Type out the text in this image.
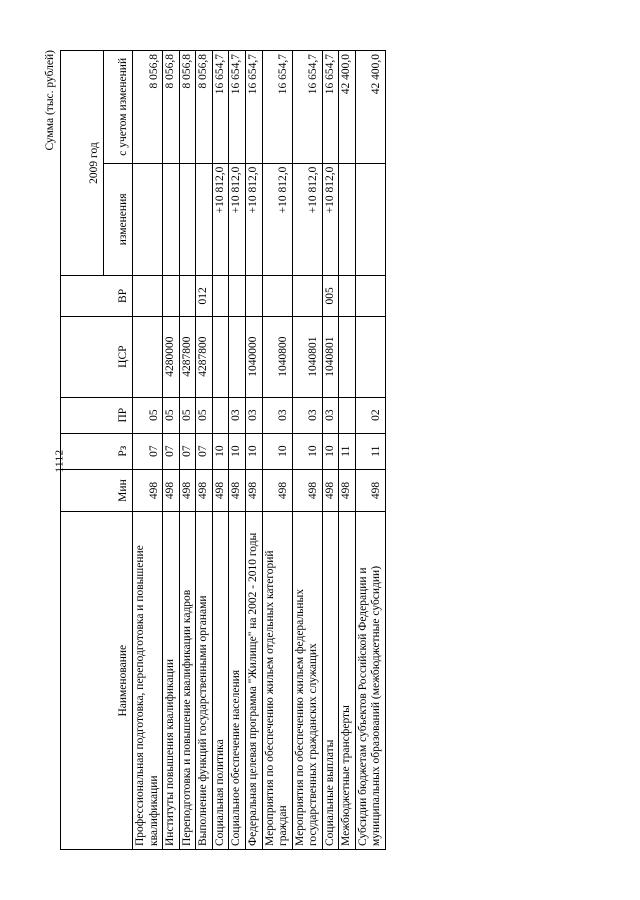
1112
Сумма (тыс. рублей)
Наименование	Мин	Рз	ПР	ЦСР	ВР	2009 год	
						изменения	с учетом изменений
Профессиональная подготовка, переподготовка и повышение квалификации	498	07	05				8 056,8
Институты повышения квалификации	498	07	05	4280000			8 056,8
Переподготовка и повышение квалификации кадров	498	07	05	4287800			8 056,8
Выполнение функций государственными органами	498	07	05	4287800	012		8 056,8
Социальная политика	498	10				+10 812,0	16 654,7
Социальное обеспечение населения	498	10	03			+10 812,0	16 654,7
Федеральная целевая программа "Жилище" на 2002 - 2010 годы	498	10	03	1040000		+10 812,0	16 654,7
Мероприятия по обеспечению жильем отдельных категорий граждан	498	10	03	1040800		+10 812,0	16 654,7
Мероприятия по обеспечению жильем федеральных государственных гражданских служащих	498	10	03	1040801		+10 812,0	16 654,7
Социальные выплаты	498	10	03	1040801	005	+10 812,0	16 654,7
Межбюджетные трансферты	498	11					42 400,0
Субсидии бюджетам субъектов Российской Федерации и муниципальных образований (межбюджетные субсидии)	498	11	02				42 400,0
